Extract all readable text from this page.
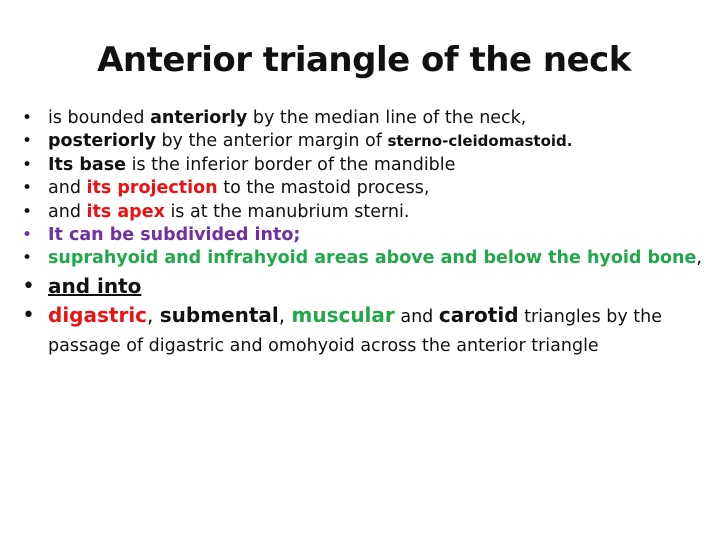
Anterior triangle of the neck
• is bounded anteriorly by the median line of the neck,
• posteriorly by the anterior margin of sterno-cleidomastoid.
• Its base is the inferior border of the mandible
• and its projection to the mastoid process,
• and its apex is at the manubrium sterni.
• It can be subdivided into;
• suprahyoid and infrahyoid areas above and below the hyoid bone,
• and into
• digastric, submental, muscular and carotid triangles by the passage of digastric and omohyoid across the anterior triangle
